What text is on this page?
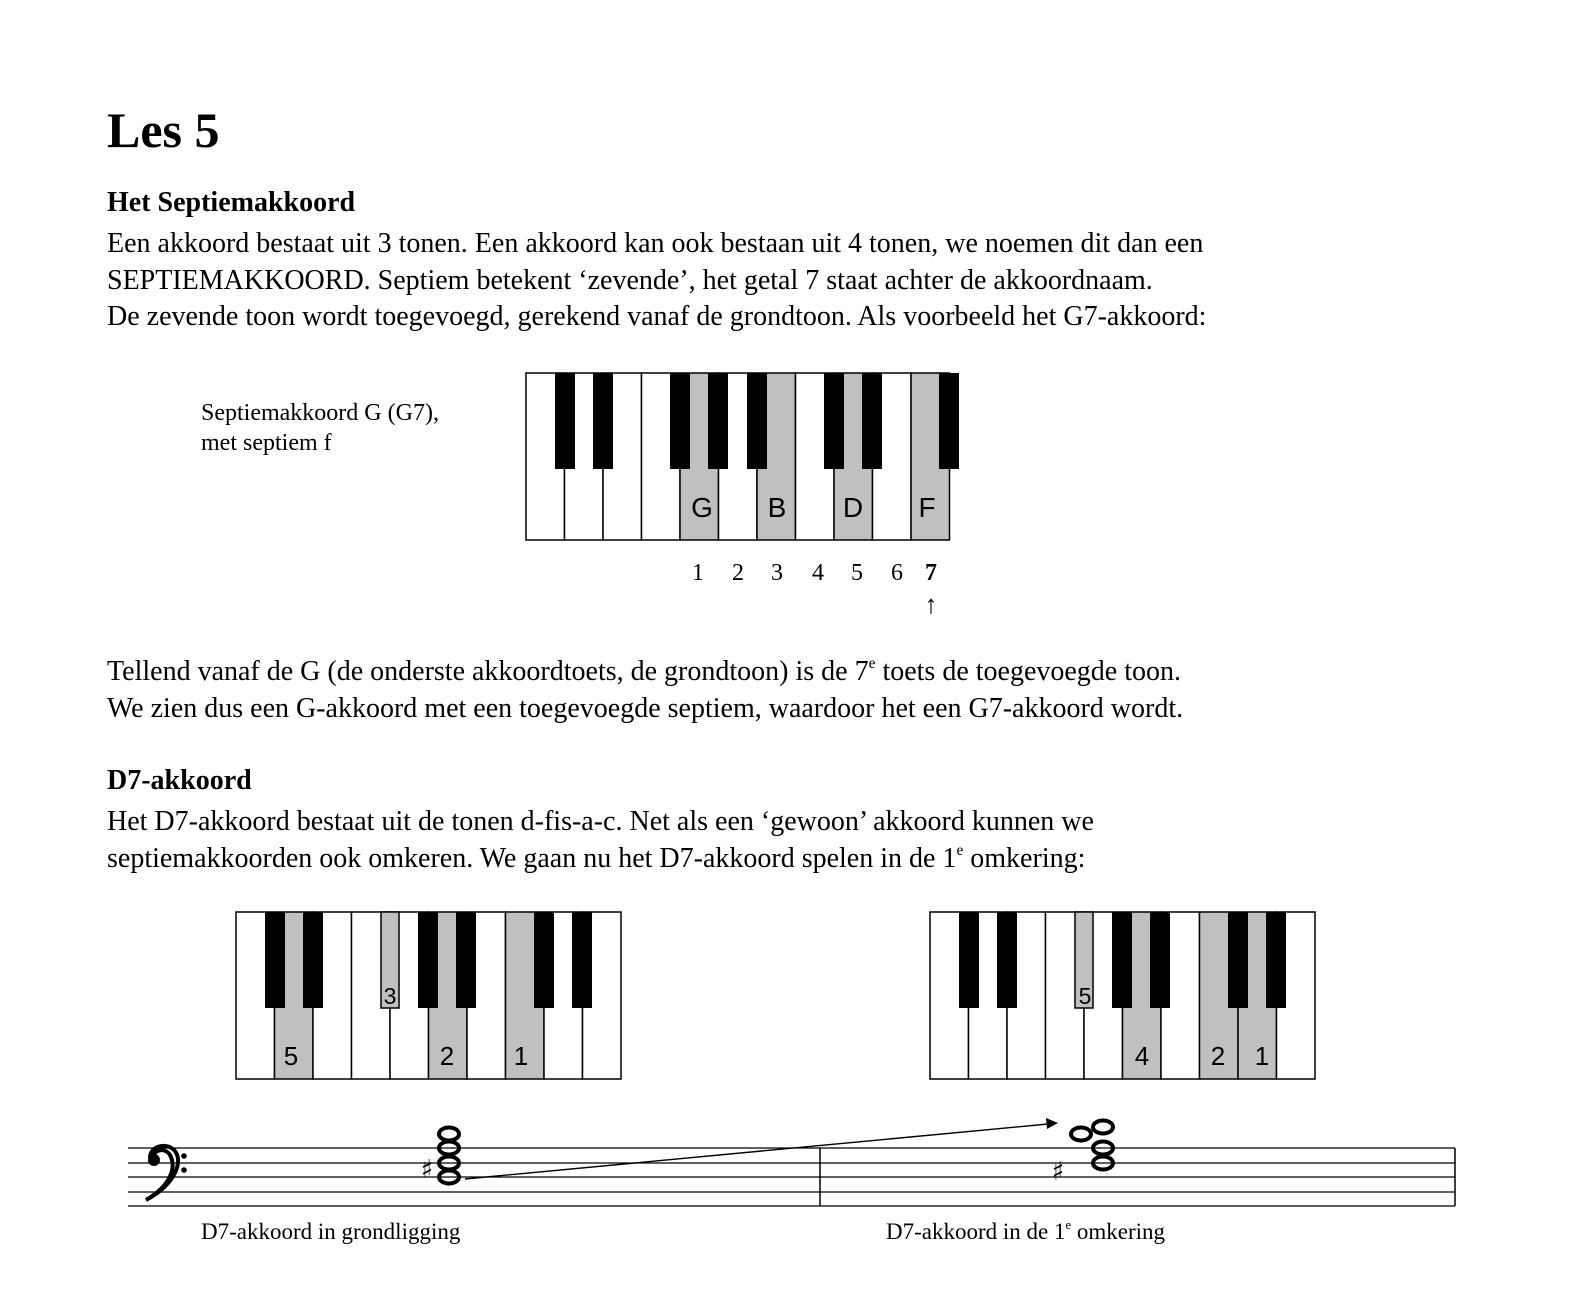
Les 5
Het Septiemakkoord
Een akkoord bestaat uit 3 tonen. Een akkoord kan ook bestaan uit 4 tonen, we noemen dit dan een
SEPTIEMAKKOORD. Septiem betekent ‘zevende’, het getal 7 staat achter de akkoordnaam.
De zevende toon wordt toegevoegd, gerekend vanaf de grondtoon. Als voorbeeld het G7-akkoord:
Septiemakkoord G (G7),
met septiem f
G B D F
1 2 3 4 5 6 7
↑
3
5	2 1
5
4 2 1
♯	♯
Tellend vanaf de G (de onderste akkoordtoets, de grondtoon) is de 7e toets de toegevoegde toon.
We zien dus een G-akkoord met een toegevoegde septiem, waardoor het een G7-akkoord wordt.
D7-akkoord
Het D7-akkoord bestaat uit de tonen d-fis-a-c. Net als een ‘gewoon’ akkoord kunnen we
septiemakkoorden ook omkeren. We gaan nu het D7-akkoord spelen in de 1e omkering:
D7-akkoord in grondligging	D7-akkoord in de 1e omkering
